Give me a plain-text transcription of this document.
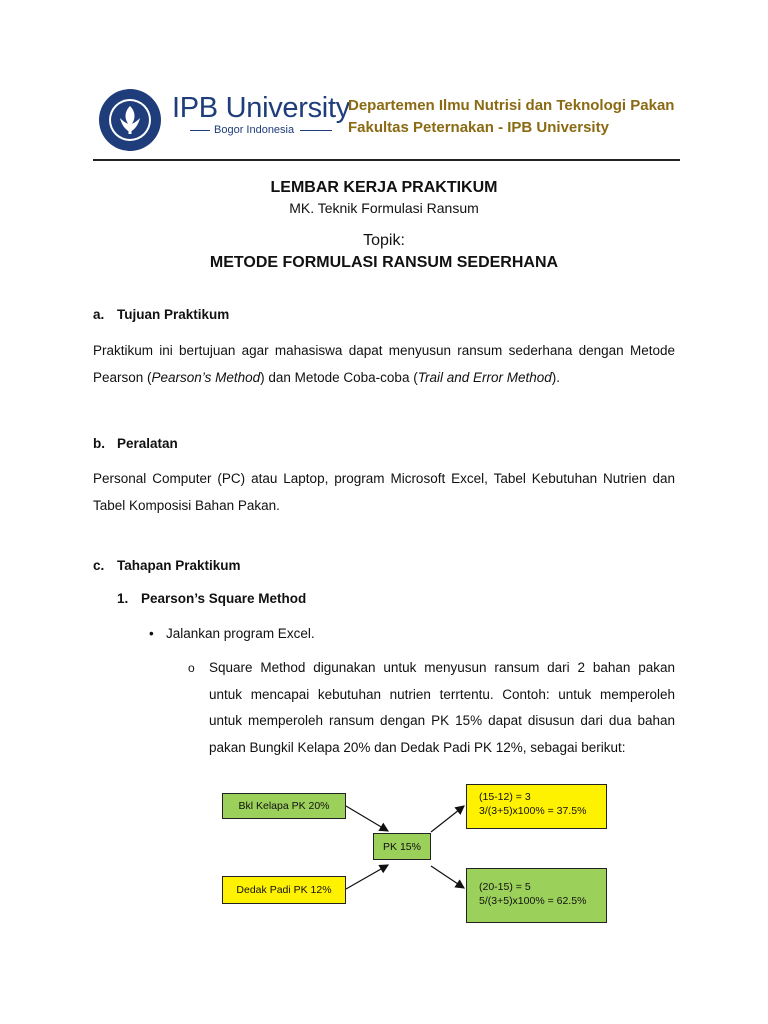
IPB University
Bogor Indonesia
Departemen Ilmu Nutrisi dan Teknologi Pakan
Fakultas Peternakan - IPB University
LEMBAR KERJA PRAKTIKUM
MK. Teknik Formulasi Ransum
Topik:
METODE FORMULASI RANSUM SEDERHANA
a. Tujuan Praktikum
Praktikum ini bertujuan agar mahasiswa dapat menyusun ransum sederhana dengan Metode Pearson (Pearson’s Method) dan Metode Coba-coba (Trail and Error Method).
b. Peralatan
Personal Computer (PC) atau Laptop, program Microsoft Excel, Tabel Kebutuhan Nutrien dan Tabel Komposisi Bahan Pakan.
c. Tahapan Praktikum
1. Pearson’s Square Method
• Jalankan program Excel.
o Square Method digunakan untuk menyusun ransum dari 2 bahan pakan untuk mencapai kebutuhan nutrien terrtentu. Contoh: untuk memperoleh untuk memperoleh ransum dengan PK 15% dapat disusun dari dua bahan pakan Bungkil Kelapa 20% dan Dedak Padi PK 12%, sebagai berikut:
Bkl Kelapa PK 20%
Dedak Padi PK 12%
PK 15%
(15-12) = 3
3/(3+5)x100% = 37.5%
(20-15) = 5
5/(3+5)x100% = 62.5%
